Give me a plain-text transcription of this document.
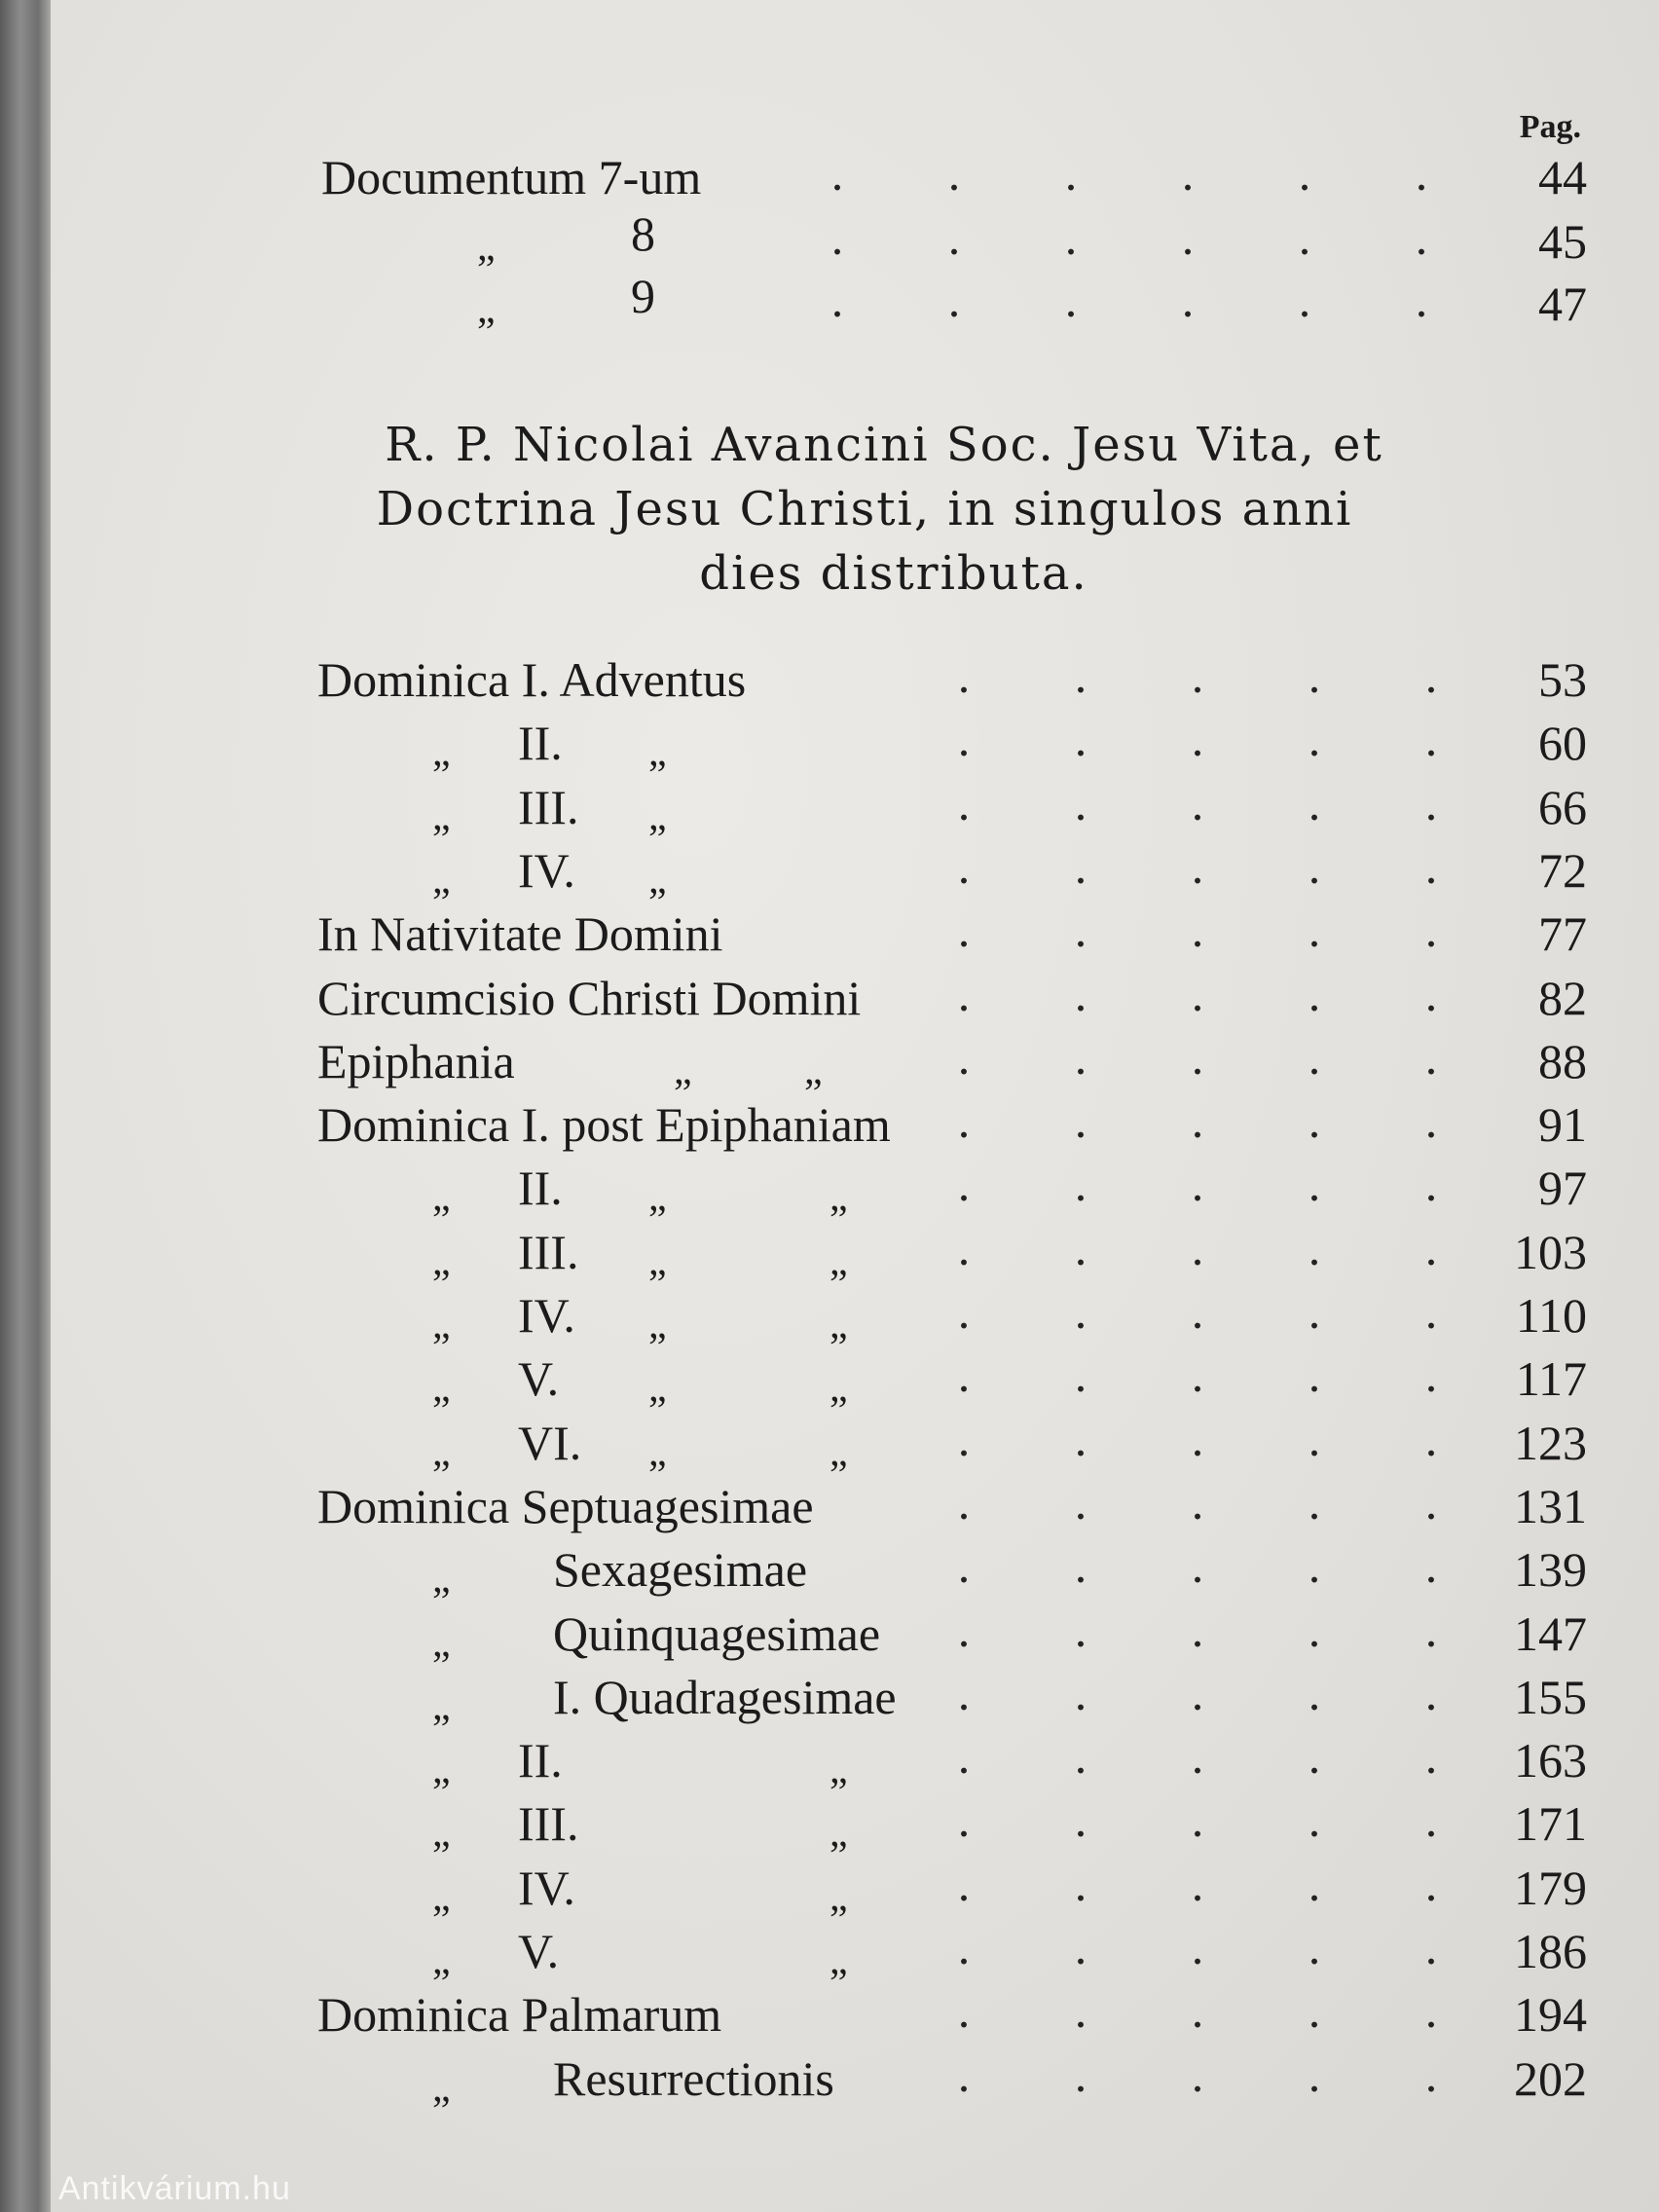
Pag.
Documentum 7-um	. . . . . .	44
„	8	. . . . . .	45
„	9	. . . . . .	47
R. P. Nicolai Avancini Soc. Jesu Vita, et
Doctrina Jesu Christi, in singulos anni
dies distributa.
Dominica I. Adventus	. . . . .	53
„ II. „	. . . . .	60
„ III. „	. . . . .	66
„ IV. „	. . . . .	72
In Nativitate Domini	. . . . .	77
Circumcisio Christi Domini	. . . . .	82
Epiphania	„	„	. . . . .	88
Dominica I. post Epiphaniam	. . . . .	91
„ II. „	„	. . . . .	97
„ III. „	„	. . . . .	103
„ IV. „	„	. . . . .	110
„ V. „	„	. . . . .	117
„ VI. „	„	. . . . .	123
Dominica Septuagesimae	. . . . .	131
„ Sexagesimae	. . . . .	139
„ Quinquagesimae	. . . . .	147
„ I. Quadragesimae	. . . . .	155
„ II.	„	. . . . .	163
„ III.	„	. . . . .	171
„ IV.	„	. . . . .	179
„ V.	„	. . . . .	186
Dominica Palmarum	. . . . .	194
„ Resurrectionis	. . . . .	202
Antikvárium.hu
